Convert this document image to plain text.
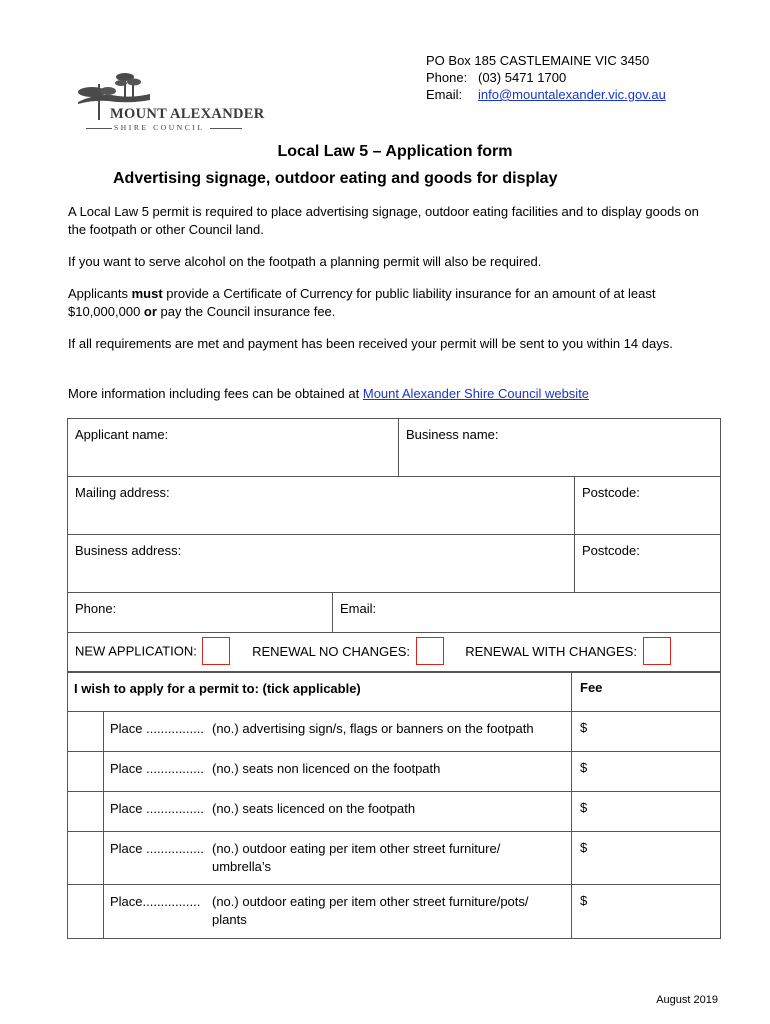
MOUNT ALEXANDER
SHIRE COUNCIL
PO Box 185 CASTLEMAINE VIC 3450
Phone: (03) 5471 1700
Email: info@mountalexander.vic.gov.au
Local Law 5 – Application form
Advertising signage, outdoor eating and goods for display
A Local Law 5 permit is required to place advertising signage, outdoor eating facilities and to display goods on the footpath or other Council land.
If you want to serve alcohol on the footpath a planning permit will also be required.
Applicants must provide a Certificate of Currency for public liability insurance for an amount of at least $10,000,000 or pay the Council insurance fee.
If all requirements are met and payment has been received your permit will be sent to you within 14 days.
More information including fees can be obtained at Mount Alexander Shire Council website
Applicant name:		Business name:	
Mailing address:			Postcode:
Business address:			Postcode:
Phone:	Email:		
NEW APPLICATION: RENEWAL NO CHANGES: RENEWAL WITH CHANGES:			
I wish to apply for a permit to: (tick applicable)		Fee
	Place ................ (no.) advertising sign/s, flags or banners on the footpath	$
	Place ................ (no.) seats non licenced on the footpath	$
	Place ................ (no.) seats licenced on the footpath	$
	Place ................ (no.) outdoor eating per item other street furniture/ umbrella’s	$
	Place................ (no.) outdoor eating per item other street furniture/pots/ plants	$
August 2019
